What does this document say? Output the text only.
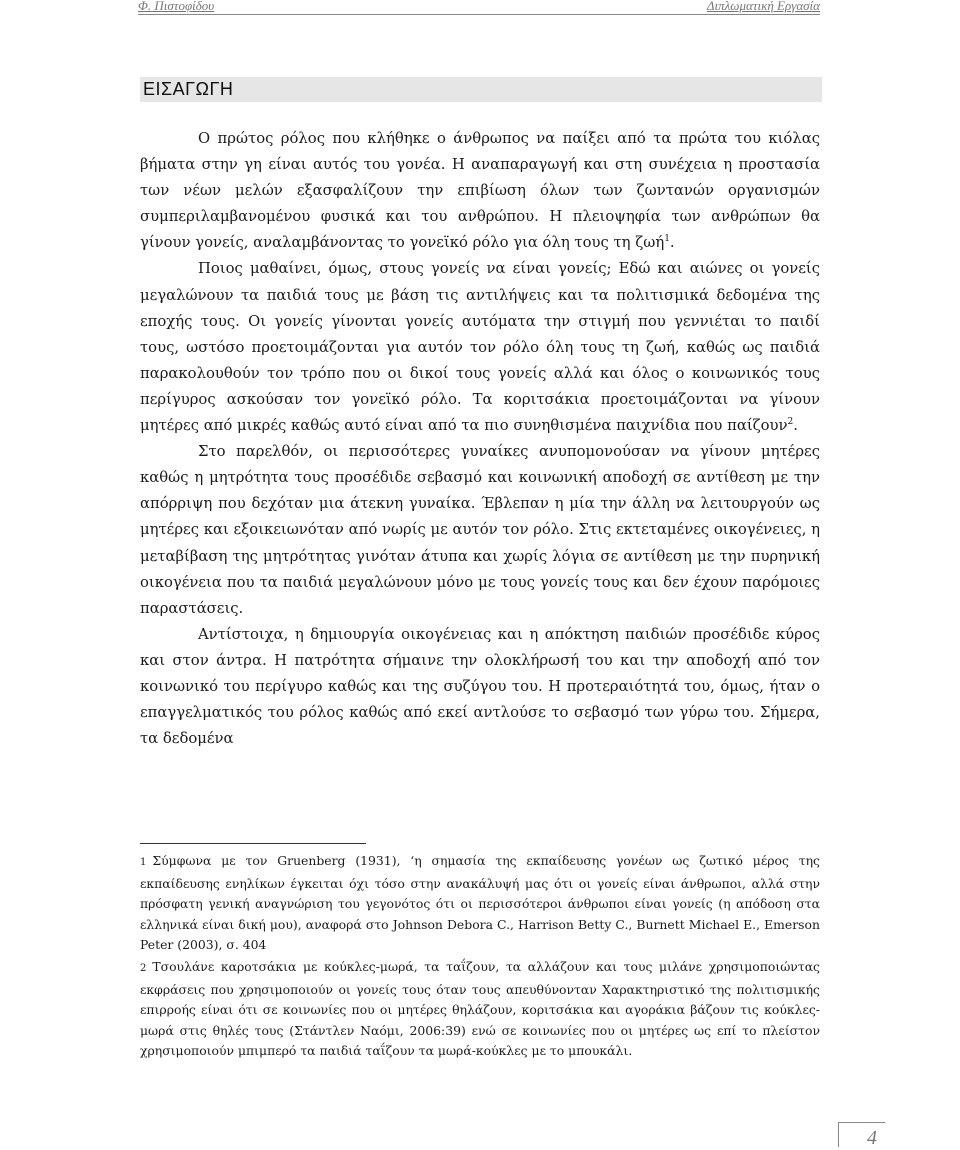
Φ. Πιστοφίδου	Διπλωματική Εργασία
ΕΙΣΑΓΩΓΗ

Ο πρώτος ρόλος που κλήθηκε ο άνθρωπος να παίξει από τα πρώτα του κιόλας βήματα στην γη είναι αυτός του γονέα. Η αναπαραγωγή και στη συνέχεια η προστασία των νέων μελών εξασφαλίζουν την επιβίωση όλων των ζωντανών οργανισμών συμπεριλαμβανομένου φυσικά και του ανθρώπου. Η πλειοψηφία των ανθρώπων θα γίνουν γονείς, αναλαμβάνοντας το γονεϊκό ρόλο για όλη τους τη ζωή$^1$.

Ποιος μαθαίνει, όμως, στους γονείς να είναι γονείς; Εδώ και αιώνες οι γονείς μεγαλώνουν τα παιδιά τους με βάση τις αντιλήψεις και τα πολιτισμικά δεδομένα της εποχής τους. Οι γονείς γίνονται γονείς αυτόματα την στιγμή που γεννιέται το παιδί τους, ωστόσο προετοιμάζονται για αυτόν τον ρόλο όλη τους τη ζωή, καθώς ως παιδιά παρακολουθούν τον τρόπο που οι δικοί τους γονείς αλλά και όλος ο κοινωνικός τους περίγυρος ασκούσαν τον γονεϊκό ρόλο. Τα κοριτσάκια προετοιμάζονται να γίνουν μητέρες από μικρές καθώς αυτό είναι από τα πιο συνηθισμένα παιχνίδια που παίζουν$^2$.

Στο παρελθόν, οι περισσότερες γυναίκες ανυπομονούσαν να γίνουν μητέρες καθώς η μητρότητα τους προσέδιδε σεβασμό και κοινωνική αποδοχή σε αντίθεση με την απόρριψη που δεχόταν μια άτεκνη γυναίκα. Έβλεπαν η μία την άλλη να λειτουργούν ως μητέρες και εξοικειωνόταν από νωρίς με αυτόν τον ρόλο. Στις εκτεταμένες οικογένειες, η μεταβίβαση της μητρότητας γινόταν άτυπα και χωρίς λόγια σε αντίθεση με την πυρηνική οικογένεια που τα παιδιά μεγαλώνουν μόνο με τους γονείς τους και δεν έχουν παρόμοιες παραστάσεις.

Αντίστοιχα, η δημιουργία οικογένειας και η απόκτηση παιδιών προσέδιδε κύρος και στον άντρα. Η πατρότητα σήμαινε την ολοκλήρωσή του και την αποδοχή από τον κοινωνικό του περίγυρο καθώς και της συζύγου του. Η προτεραιότητά του, όμως, ήταν ο επαγγελματικός του ρόλος καθώς από εκεί αντλούσε το σεβασμό των γύρω του. Σήμερα, τα δεδομένα

1 Σύμφωνα με τον Gruenberg (1931), ‘η σημασία της εκπαίδευσης γονέων ως ζωτικό μέρος της εκπαίδευσης ενηλίκων έγκειται όχι τόσο στην ανακάλυψή μας ότι οι γονείς είναι άνθρωποι, αλλά στην πρόσφατη γενική αναγνώριση του γεγονότος ότι οι περισσότεροι άνθρωποι είναι γονείς (η απόδοση στα ελληνικά είναι δική μου), αναφορά στο Johnson Debora C., Harrison Betty C., Burnett Michael E., Emerson Peter (2003), σ. 404

2 Τσουλάνε καροτσάκια με κούκλες-μωρά, τα ταΐζουν, τα αλλάζουν και τους μιλάνε χρησιμοποιώντας εκφράσεις που χρησιμοποιούν οι γονείς τους όταν τους απευθύνονταν Χαρακτηριστικό της πολιτισμικής επιρροής είναι ότι σε κοινωνίες που οι μητέρες θηλάζουν, κοριτσάκια και αγοράκια βάζουν τις κούκλες-μωρά στις θηλές τους (Στάντλεν Ναόμι, 2006:39) ενώ σε κοινωνίες που οι μητέρες ως επί το πλείστον χρησιμοποιούν μπιμπερό τα παιδιά ταΐζουν τα μωρά-κούκλες με το μπουκάλι.

4
